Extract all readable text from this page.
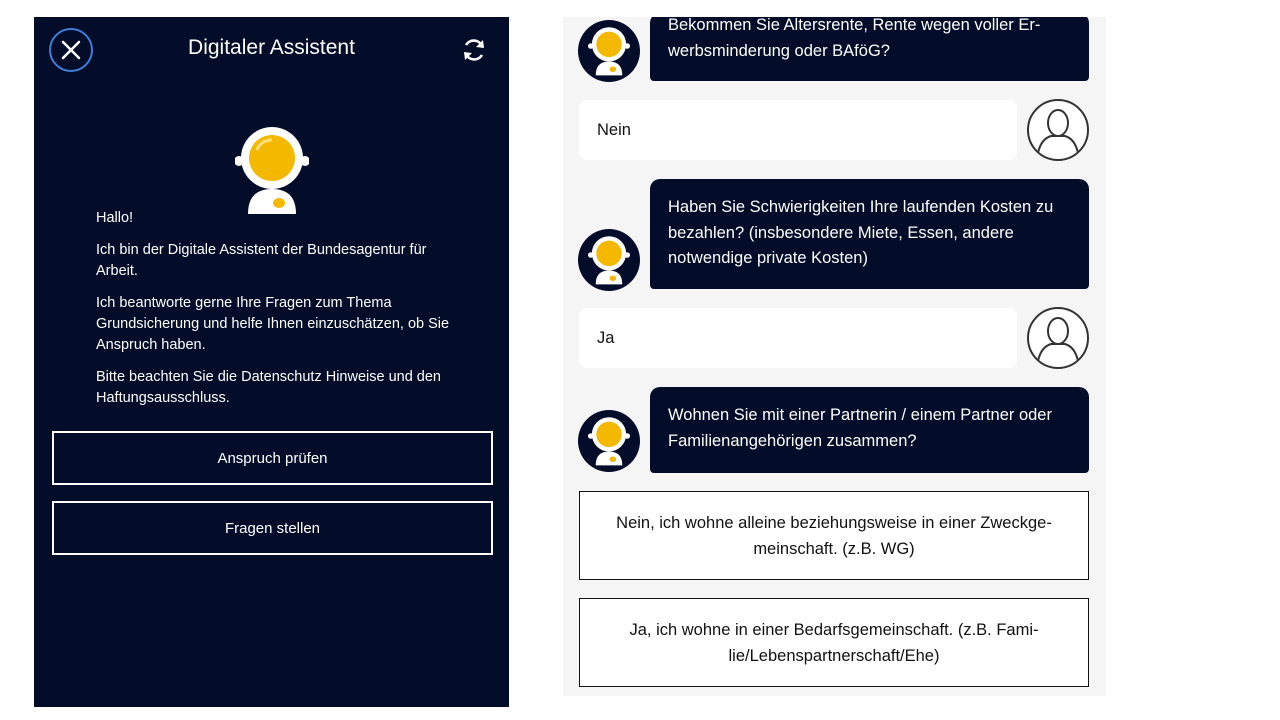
Digitaler Assistent

Hallo!

Ich bin der Digitale Assistent der Bundesagentur für Arbeit.

Ich beantworte gerne Ihre Fragen zum Thema Grundsicherung und helfe Ihnen einzuschätzen, ob Sie Anspruch haben.

Bitte beachten Sie die Datenschutz Hinweise und den Haftungsausschluss.

Anspruch prüfen
Fragen stellen
Bekommen Sie Altersrente, Rente wegen voller Erwerbsminderung oder BAföG?
Nein
Haben Sie Schwierigkeiten Ihre laufenden Kosten zu bezahlen? (insbesondere Miete, Essen, andere notwendige private Kosten)
Ja
Wohnen Sie mit einer Partnerin / einem Partner oder Familienangehörigen zusammen?
Nein, ich wohne alleine beziehungsweise in einer Zweckgemeinschaft. (z.B. WG)
Ja, ich wohne in einer Bedarfsgemeinschaft. (z.B. Familie/Lebenspartnerschaft/Ehe)
